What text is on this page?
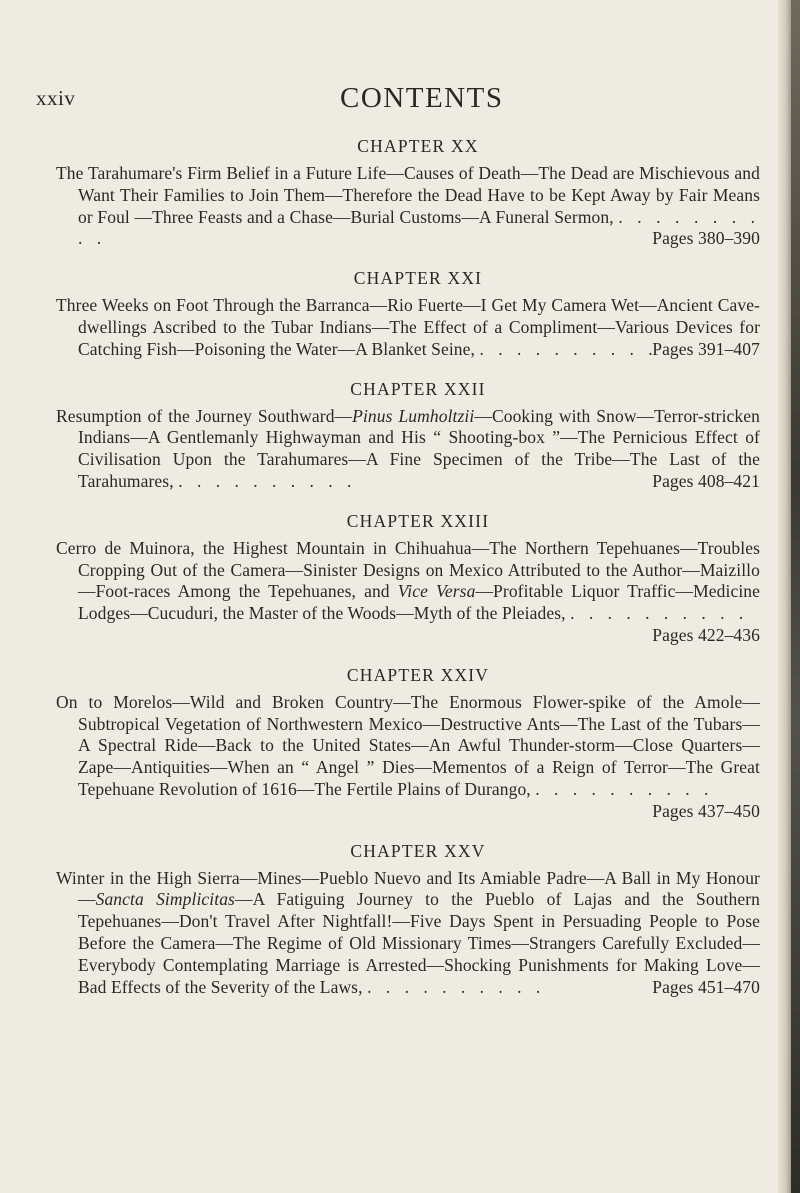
xxiv	CONTENTS
CHAPTER XX

The Tarahumare's Firm Belief in a Future Life—Causes of Death—The Dead are Mischievous and Want Their Families to Join Them—Therefore the Dead Have to be Kept Away by Fair Means or Foul —Three Feasts and a Chase—Burial Customs—A Funeral Sermon, . . . . . . . . . .	Pages 380–390

CHAPTER XXI

Three Weeks on Foot Through the Barranca—Rio Fuerte—I Get My Camera Wet—Ancient Cave-dwellings Ascribed to the Tubar Indians—The Effect of a Compliment—Various Devices for Catching Fish—Poisoning the Water—A Blanket Seine, . . . . . . . . . .
Pages 391–407

CHAPTER XXII

Resumption of the Journey Southward—Pinus Lumholtzii—Cooking with Snow—Terror-stricken Indians—A Gentlemanly Highwayman and His “ Shooting-box ”—The Pernicious Effect of Civilisation Upon the Tarahumares—A Fine Specimen of the Tribe—The Last of the Tarahumares, . . . . . . . . . .	Pages 408–421

CHAPTER XXIII

Cerro de Muinora, the Highest Mountain in Chihuahua—The Northern Tepehuanes—Troubles Cropping Out of the Camera—Sinister Designs on Mexico Attributed to the Author—Maizillo—Foot-races Among the Tepehuanes, and Vice Versa—Profitable Liquor Traffic—Medicine Lodges—Cucuduri, the Master of the Woods—Myth of the Pleiades, . . . . . . . . . .
Pages 422–436

CHAPTER XXIV

On to Morelos—Wild and Broken Country—The Enormous Flower-spike of the Amole—Subtropical Vegetation of Northwestern Mexico—Destructive Ants—The Last of the Tubars—A Spectral Ride—Back to the United States—An Awful Thunder-storm—Close Quarters—Zape—Antiquities—When an “ Angel ” Dies—Mementos of a Reign of Terror—The Great Tepehuane Revolution of 1616—The Fertile Plains of Durango, . . . . . . . . . .
Pages 437–450

CHAPTER XXV

Winter in the High Sierra—Mines—Pueblo Nuevo and Its Amiable Padre—A Ball in My Honour—Sancta Simplicitas—A Fatiguing Journey to the Pueblo of Lajas and the Southern Tepehuanes—Don't Travel After Nightfall!—Five Days Spent in Persuading People to Pose Before the Camera—The Regime of Old Missionary Times—Strangers Carefully Excluded—Everybody Contemplating Marriage is Arrested—Shocking Punishments for Making Love—Bad Effects of the Severity of the Laws, . . . . . . . . . .	Pages 451–470
